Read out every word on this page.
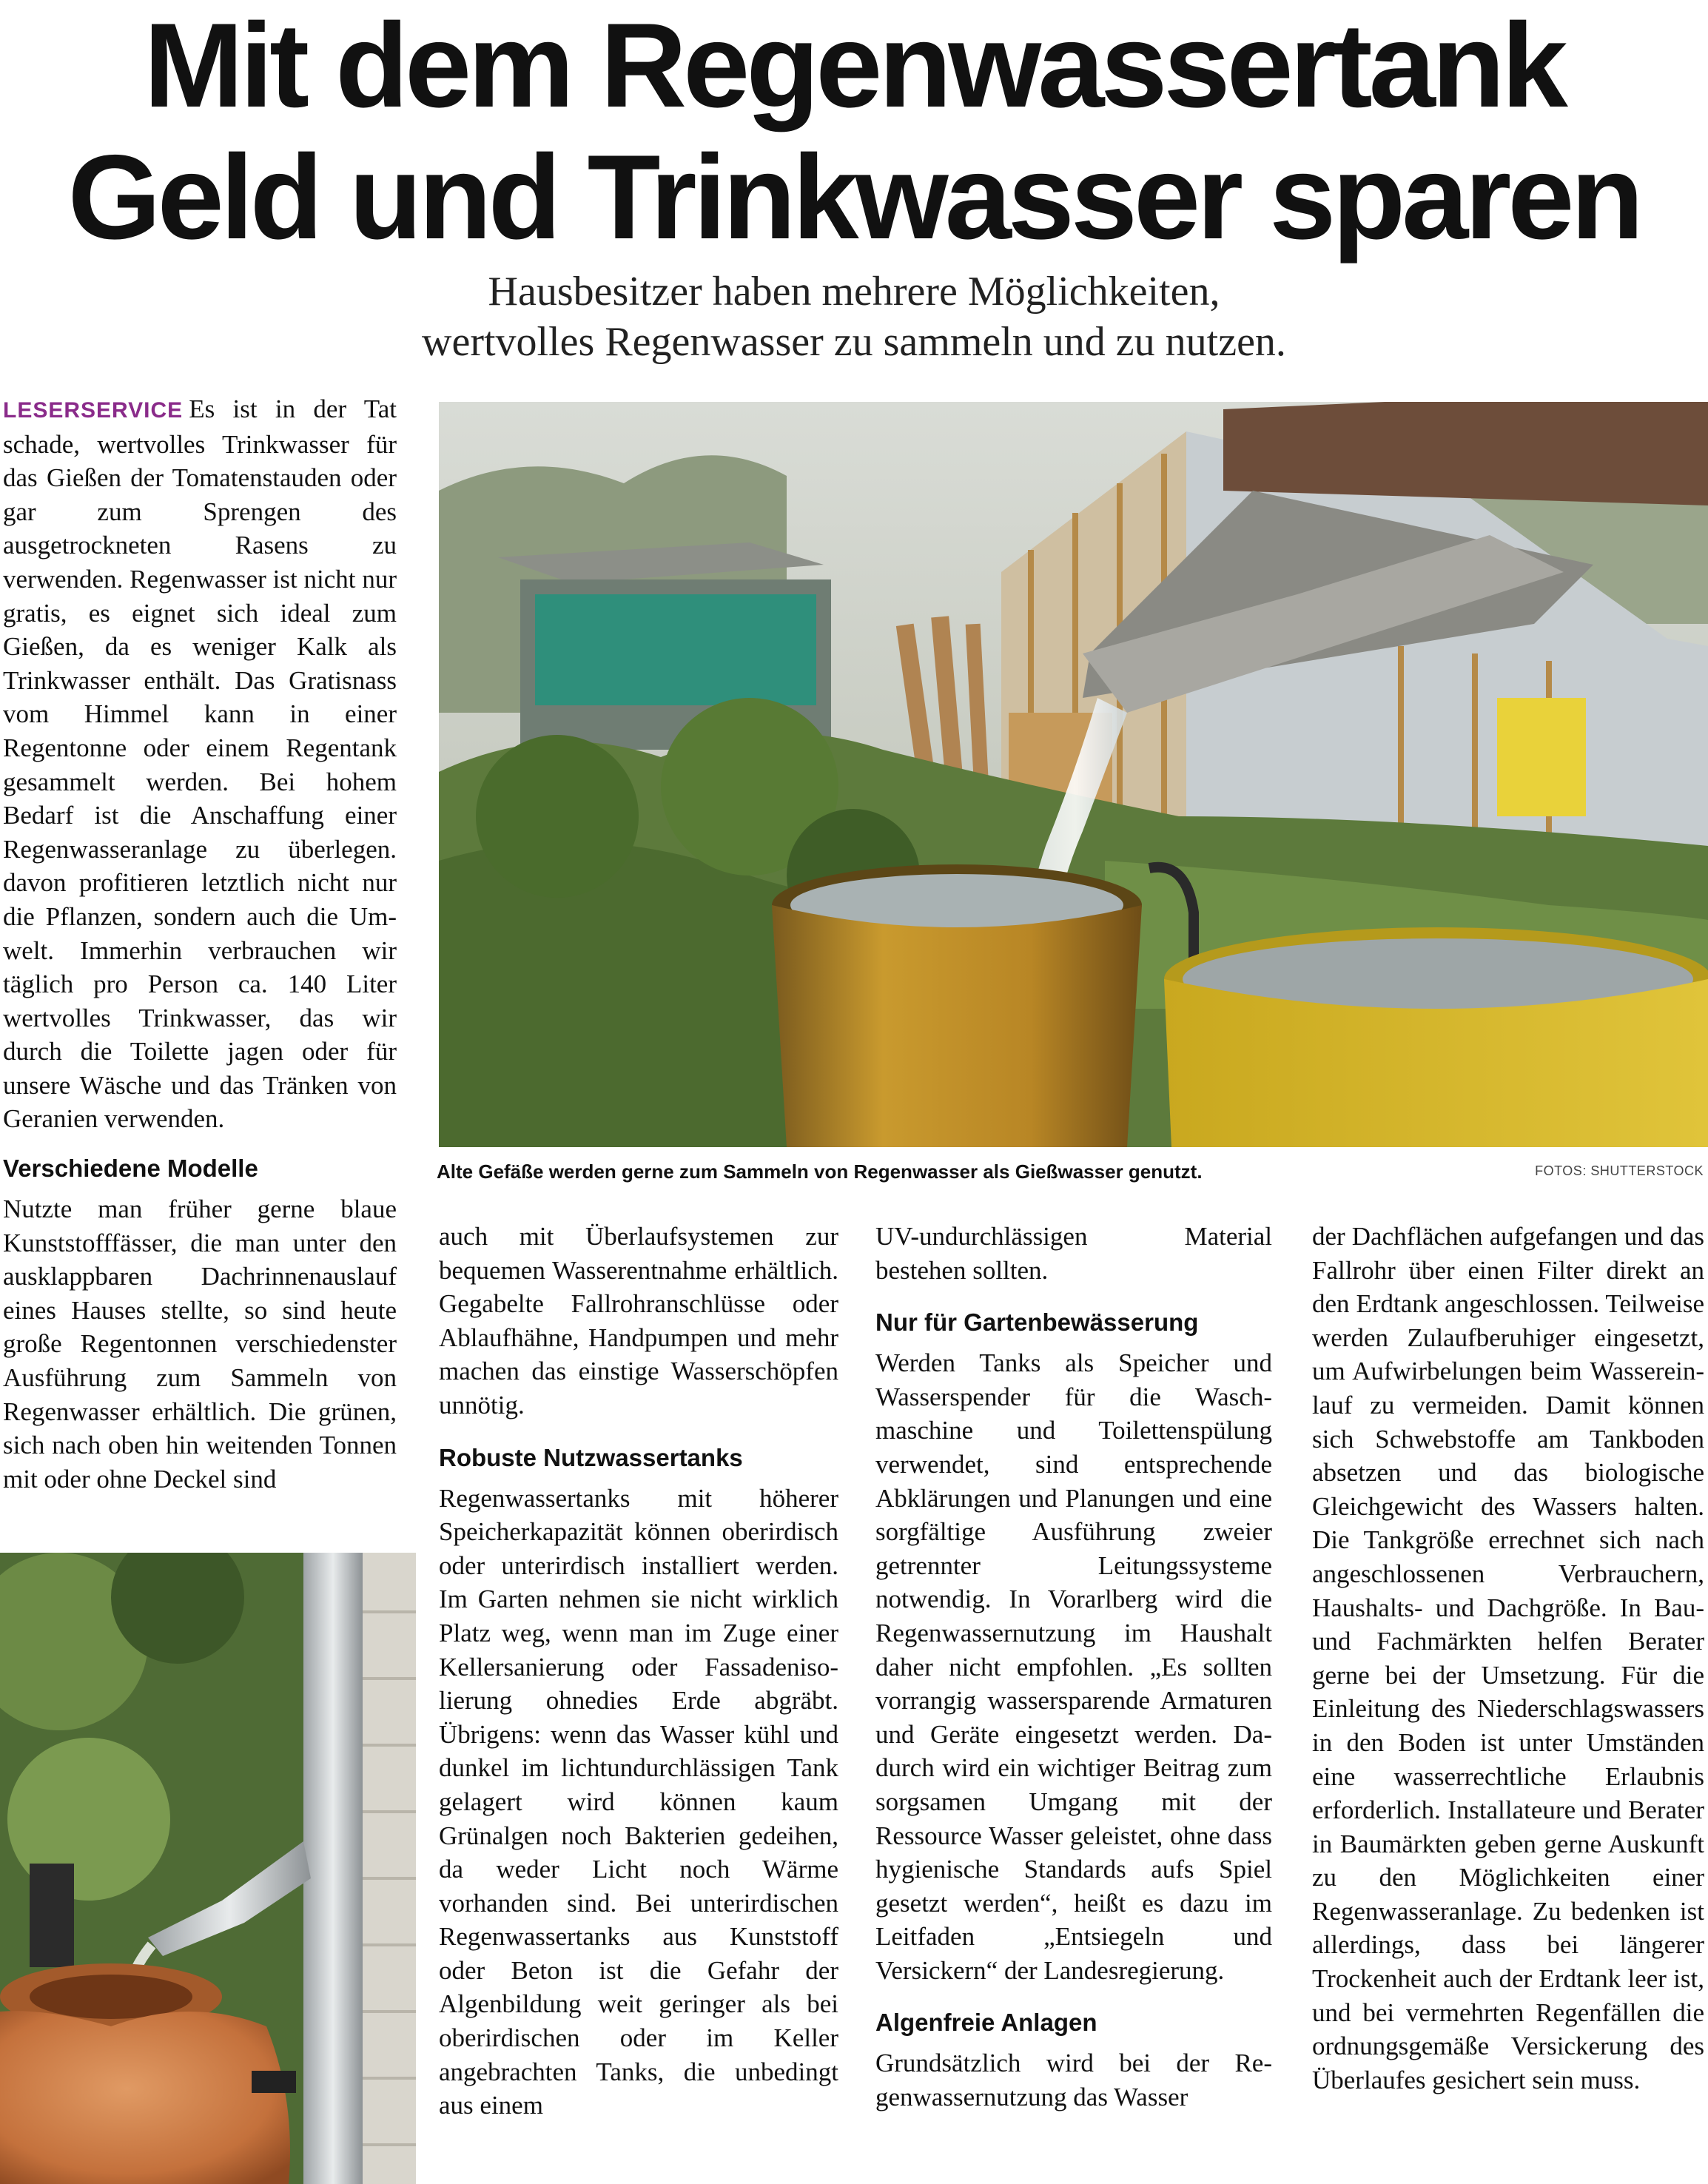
Mit dem Regenwassertank
Geld und Trinkwasser sparen
Hausbesitzer haben mehrere Möglichkeiten,
wertvolles Regenwasser zu sammeln und zu nutzen.

LESERSERVICE Es ist in der Tat schade, wertvolles Trinkwasser für das Gießen der Tomatenstauden oder gar zum Sprengen des ausgetrockneten Rasens zu verwenden. Regenwasser ist nicht nur gratis, es eignet sich ideal zum Gießen, da es weniger Kalk als Trinkwasser enthält. Das Gratisnass vom Himmel kann in einer Regentonne oder einem Regentank gesammelt werden. Bei hohem Bedarf ist die Anschaffung einer Regenwasseranlage zu überlegen. davon profitieren letztlich nicht nur die Pflanzen, sondern auch die Umwelt. Immerhin verbrauchen wir täglich pro Person ca. 140 Liter wertvolles Trinkwasser, das wir durch die Toilette jagen oder für unsere Wäsche und das Tränken von Geranien verwenden.

Verschiedene Modelle

Nutzte man früher gerne blaue Kunststofffässer, die man unter den ausklappbaren Dachrinnenauslauf eines Hauses stellte, so sind heute große Regentonnen verschiedenster Ausführung zum Sammeln von Regenwasser erhältlich. Die grünen, sich nach oben hin weitenden Tonnen mit oder ohne Deckel sind

Alte Gefäße werden gerne zum Sammeln von Regenwasser als Gießwasser genutzt.	FOTOS: SHUTTERSTOCK

auch mit Überlaufsystemen zur bequemen Wasserentnahme erhältlich. Gegabelte Fallrohranschlüsse oder Ablaufhähne, Handpumpen und mehr machen das einstige Wasserschöpfen unnötig.

Robuste Nutzwassertanks

Regenwassertanks mit höherer Speicherkapazität können oberirdisch oder unterirdisch installiert werden. Im Garten nehmen sie nicht wirklich Platz weg, wenn man im Zuge einer Kellersanierung oder Fassadenisolierung ohnedies Erde abgräbt. Übrigens: wenn das Wasser kühl und dunkel im lichtundurchlässigen Tank gelagert wird können kaum Grünalgen noch Bakterien gedeihen, da weder Licht noch Wärme vorhanden sind. Bei unterirdischen Regenwassertanks aus Kunststoff oder Beton ist die Gefahr der Algenbildung weit geringer als bei oberirdischen oder im Keller angebrachten Tanks, die unbedingt aus einem

UV-undurchlässigen Material bestehen sollten.

Nur für Gartenbewässerung

Werden Tanks als Speicher und Wasserspender für die Waschmaschine und Toilettenspülung verwendet, sind entsprechende Abklärungen und Planungen und eine sorgfältige Ausführung zweier getrennter Leitungssysteme notwendig. In Vorarlberg wird die Regenwassernutzung im Haushalt daher nicht empfohlen. „Es sollten vorrangig wassersparende Armaturen und Geräte eingesetzt werden. Dadurch wird ein wichtiger Beitrag zum sorgsamen Umgang mit der Ressource Wasser geleistet, ohne dass hygienische Standards aufs Spiel gesetzt werden“, heißt es dazu im Leitfaden „Entsiegeln und Versickern“ der Landesregierung.

Algenfreie Anlagen

Grundsätzlich wird bei der Regenwassernutzung das Wasser

der Dachflächen aufgefangen und das Fallrohr über einen Filter direkt an den Erdtank angeschlossen. Teilweise werden Zulaufberuhiger eingesetzt, um Aufwirbelungen beim Wassereinlauf zu vermeiden. Damit können sich Schwebstoffe am Tankboden absetzen und das biologische Gleichgewicht des Wassers halten. Die Tankgröße errechnet sich nach angeschlossenen Verbrauchern, Haushalts- und Dachgröße. In Bau- und Fachmärkten helfen Berater gerne bei der Umsetzung. Für die Einleitung des Niederschlagswassers in den Boden ist unter Umständen eine wasserrechtliche Erlaubnis erforderlich. Installateure und Berater in Baumärkten geben gerne Auskunft zu den Möglichkeiten einer Regenwasseranlage. Zu bedenken ist allerdings, dass bei längerer Trockenheit auch der Erdtank leer ist, und bei vermehrten Regenfällen die ordnungsgemäße Versickerung des Überlaufes gesichert sein muss.
